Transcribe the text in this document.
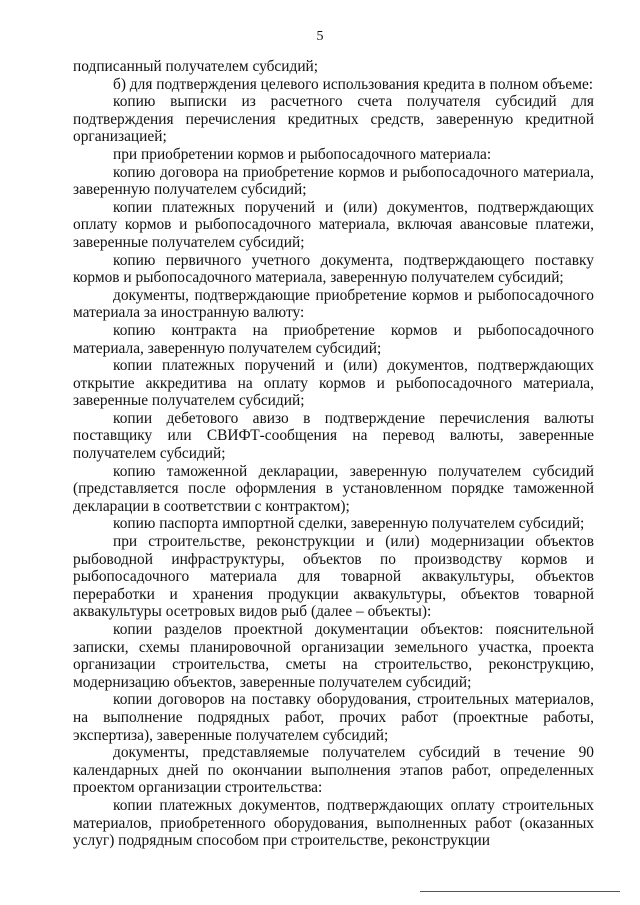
5

подписанный получателем субсидий;

б) для подтверждения целевого использования кредита в полном объеме:

копию выписки из расчетного счета получателя субсидий для подтверждения перечисления кредитных средств, заверенную кредитной организацией;

при приобретении кормов и рыбопосадочного материала:

копию договора на приобретение кормов и рыбопосадочного материала, заверенную получателем субсидий;

копии платежных поручений и (или) документов, подтверждающих оплату кормов и рыбопосадочного материала, включая авансовые платежи, заверенные получателем субсидий;

копию первичного учетного документа, подтверждающего поставку кормов и рыбопосадочного материала, заверенную получателем субсидий;

документы, подтверждающие приобретение кормов и рыбопосадочного материала за иностранную валюту:

копию контракта на приобретение кормов и рыбопосадочного материала, заверенную получателем субсидий;

копии платежных поручений и (или) документов, подтверждающих открытие аккредитива на оплату кормов и рыбопосадочного материала, заверенные получателем субсидий;

копии дебетового авизо в подтверждение перечисления валюты поставщику или СВИФТ-сообщения на перевод валюты, заверенные получателем субсидий;

копию таможенной декларации, заверенную получателем субсидий (представляется после оформления в установленном порядке таможенной декларации в соответствии с контрактом);

копию паспорта импортной сделки, заверенную получателем субсидий;

при строительстве, реконструкции и (или) модернизации объектов рыбоводной инфраструктуры, объектов по производству кормов и рыбопосадочного материала для товарной аквакультуры, объектов переработки и хранения продукции аквакультуры, объектов товарной аквакультуры осетровых видов рыб (далее – объекты):

копии разделов проектной документации объектов: пояснительной записки, схемы планировочной организации земельного участка, проекта организации строительства, сметы на строительство, реконструкцию, модернизацию объектов, заверенные получателем субсидий;

копии договоров на поставку оборудования, строительных материалов, на выполнение подрядных работ, прочих работ (проектные работы, экспертиза), заверенные получателем субсидий;

документы, представляемые получателем субсидий в течение 90 календарных дней по окончании выполнения этапов работ, определенных проектом организации строительства:

копии платежных документов, подтверждающих оплату строительных материалов, приобретенного оборудования, выполненных работ (оказанных услуг) подрядным способом при строительстве, реконструкции
